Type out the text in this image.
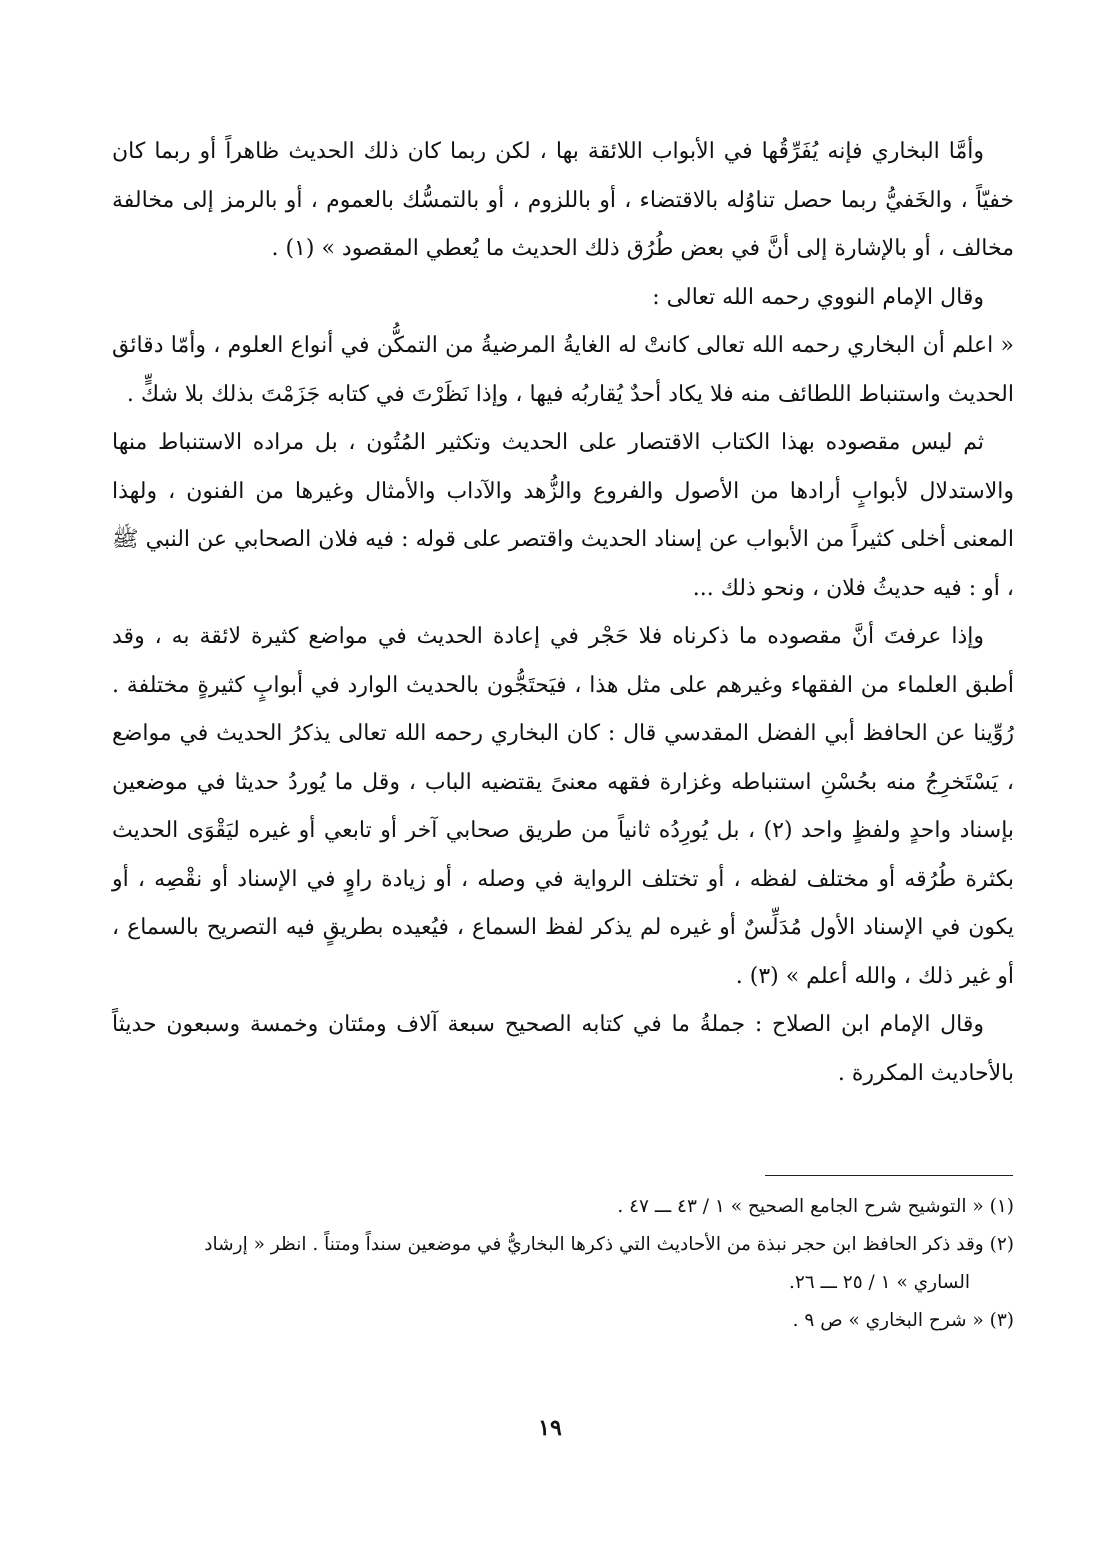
وأمَّا البخاري فإنه يُفَرِّقُها في الأبواب اللائقة بها ، لكن ربما كان ذلك الحديث ظاهراً أو ربما كان خفيّاً ، والخَفيُّ ربما حصل تناوُله بالاقتضاء ، أو باللزوم ، أو بالتمسُّك بالعموم ، أو بالرمز إلى مخالفة مخالف ، أو بالإشارة إلى أنَّ في بعض طُرُق ذلك الحديث ما يُعطي المقصود » (١) .

وقال الإمام النووي رحمه الله تعالى :

« اعلم أن البخاري رحمه الله تعالى كانتْ له الغايةُ المرضيةُ من التمكُّن في أنواع العلوم ، وأمّا دقائق الحديث واستنباط اللطائف منه فلا يكاد أحدٌ يُقاربُه فيها ، وإذا نَظَرْتَ في كتابه جَزَمْتَ بذلك بلا شكٍّ .

ثم ليس مقصوده بهذا الكتاب الاقتصار على الحديث وتكثير المُتُون ، بل مراده الاستنباط منها والاستدلال لأبوابٍ أرادها من الأصول والفروع والزُّهد والآداب والأمثال وغيرها من الفنون ، ولهذا المعنى أخلى كثيراً من الأبواب عن إسناد الحديث واقتصر على قوله : فيه فلان الصحابي عن النبي ﷺ ، أو : فيه حديثُ فلان ، ونحو ذلك ...

وإذا عرفتَ أنَّ مقصوده ما ذكرناه فلا حَجْر في إعادة الحديث في مواضع كثيرة لائقة به ، وقد أطبق العلماء من الفقهاء وغيرهم على مثل هذا ، فيَحتَجُّون بالحديث الوارد في أبوابٍ كثيرةٍ مختلفة . رُوِّينا عن الحافظ أبي الفضل المقدسي قال : كان البخاري رحمه الله تعالى يذكرُ الحديث في مواضع ، يَسْتَخرِجُ منه بحُسْنِ استنباطه وغزارة فقهه معنىً يقتضيه الباب ، وقل ما يُوردُ حديثا في موضعين بإسناد واحدٍ ولفظٍ واحد (٢) ، بل يُورِدُه ثانياً من طريق صحابي آخر أو تابعي أو غيره ليَقْوَى الحديث بكثرة طُرُقه أو مختلف لفظه ، أو تختلف الرواية في وصله ، أو زيادة راوٍ في الإسناد أو نقْصِه ، أو يكون في الإسناد الأول مُدَلِّسٌ أو غيره لم يذكر لفظ السماع ، فيُعيده بطريقٍ فيه التصريح بالسماع ، أو غير ذلك ، والله أعلم » (٣) .

وقال الإمام ابن الصلاح : جملةُ ما في كتابه الصحيح سبعة آلاف ومئتان وخمسة وسبعون حديثاً بالأحاديث المكررة .

(١) « التوشيح شرح الجامع الصحيح » ١ / ٤٣ ـــ ٤٧ .

(٢) وقد ذكر الحافظ ابن حجر نبذة من الأحاديث التي ذكرها البخاريُّ في موضعين سنداً ومتناً . انظر « إرشاد

الساري » ١ / ٢٥ ـــ ٢٦.

(٣) « شرح البخاري » ص ٩ .

١٩
